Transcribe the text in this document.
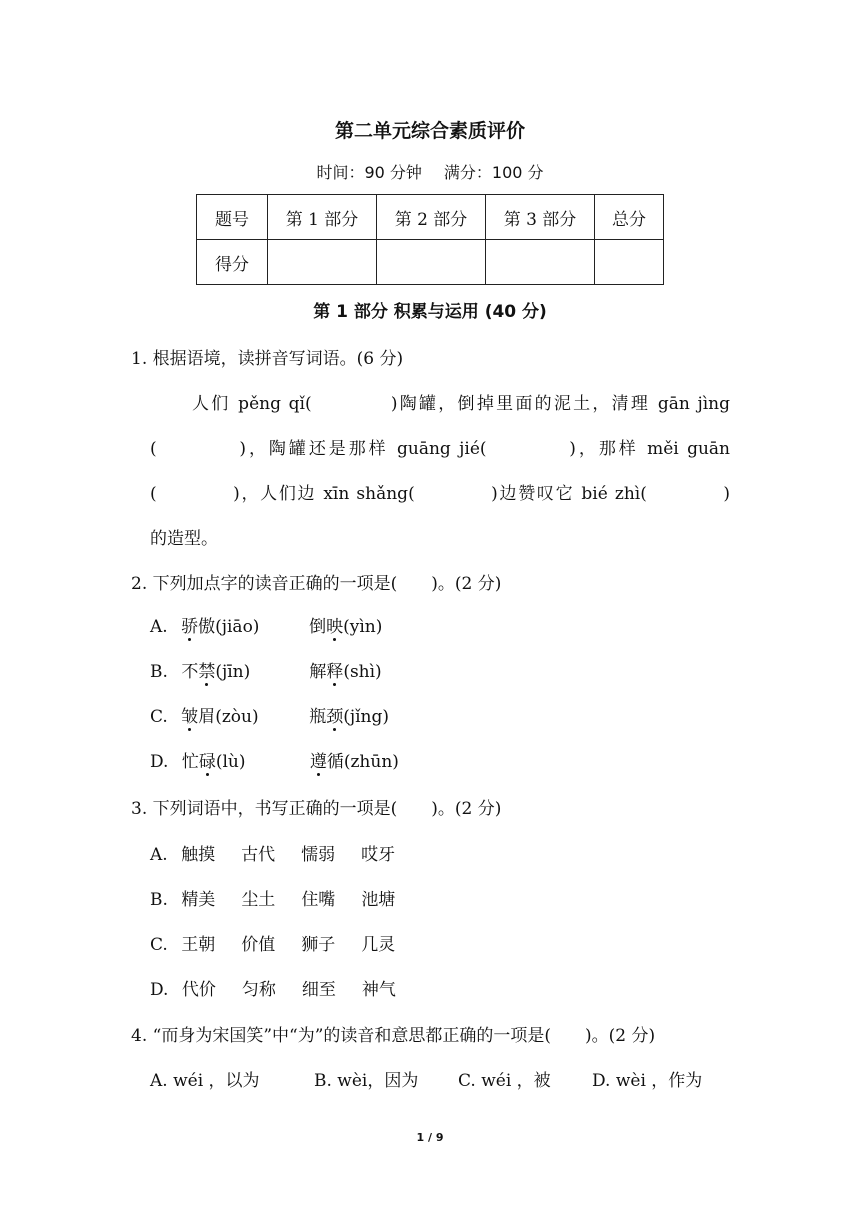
第二单元综合素质评价
时间：90 分钟 满分：100 分
题号	第 1 部分	第 2 部分	第 3 部分	总分
得分				
第 1 部分 积累与运用 (40 分)
1. 根据语境，读拼音写词语。(6 分)
人们 pěng qǐ(　　　　)陶罐，倒掉里面的泥土，清理 gān jìng
(　　　　)，陶罐还是那样 guāng jié(　　　　)，那样 měi guān
(　　　　)，人们边 xīn shǎng(　　　　)边赞叹它 bié zhì(　　　　)
的造型。
2. 下列加点字的读音正确的一项是(　　)。(2 分)
A. 骄傲(jiāo)	倒映(yìn)
B. 不禁(jīn)	解释(shì)
C. 皱眉(zòu)	瓶颈(jǐng)
D. 忙碌(lù)	遵循(zhūn)
3. 下列词语中，书写正确的一项是(　　)。(2 分)
A. 触摸 古代 懦弱 哎牙
B. 精美 尘土 住嘴 池塘
C. 王朝 价值 狮子 几灵
D. 代价 匀称 细至 神气
4. “而身为宋国笑”中“为”的读音和意思都正确的一项是(　　)。(2 分)
A. wéi ，以为	B. wèi，因为 C. wéi ，被 D. wèi ，作为
1 / 9
